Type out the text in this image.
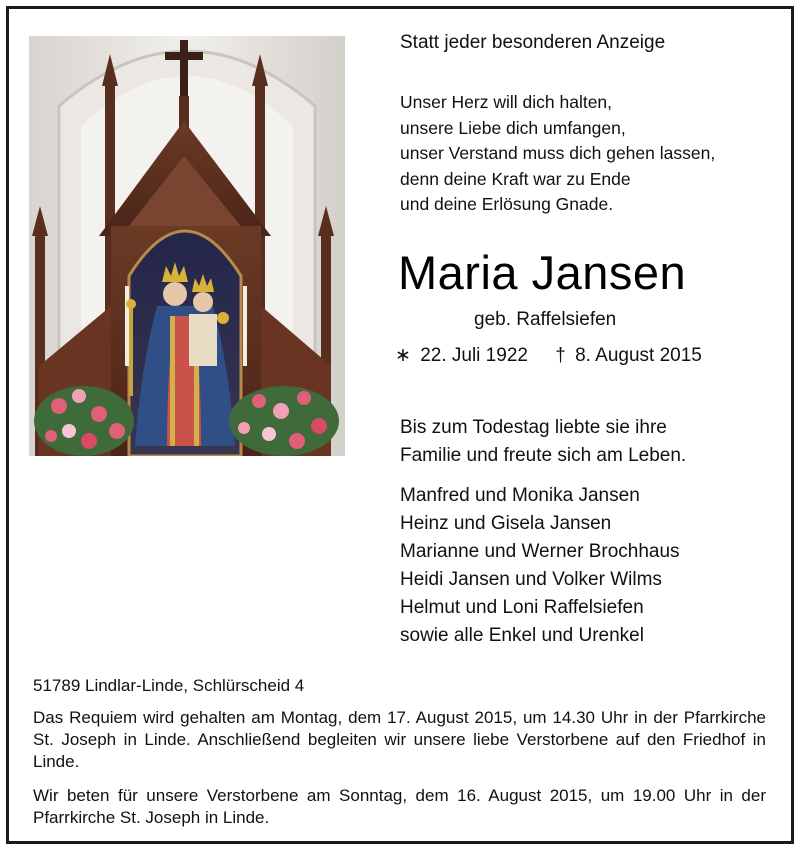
Statt jeder besonderen Anzeige
Unser Herz will dich halten,
unsere Liebe dich umfangen,
unser Verstand muss dich gehen lassen,
denn deine Kraft war zu Ende
und deine Erlösung Gnade.
Maria Jansen
geb. Raffelsiefen
∗ 22. Juli 1922 † 8. August 2015
Bis zum Todestag liebte sie ihre
Familie und freute sich am Leben.
Manfred und Monika Jansen
Heinz und Gisela Jansen
Marianne und Werner Brochhaus
Heidi Jansen und Volker Wilms
Helmut und Loni Raffelsiefen
sowie alle Enkel und Urenkel
51789 Lindlar-Linde, Schlürscheid 4
Das Requiem wird gehalten am Montag, dem 17. August 2015, um 14.30 Uhr in der Pfarrkirche St. Joseph in Linde. Anschließend begleiten wir unsere liebe Verstorbene auf den Friedhof in Linde.
Wir beten für unsere Verstorbene am Sonntag, dem 16. August 2015, um 19.00 Uhr in der Pfarrkirche St. Joseph in Linde.
